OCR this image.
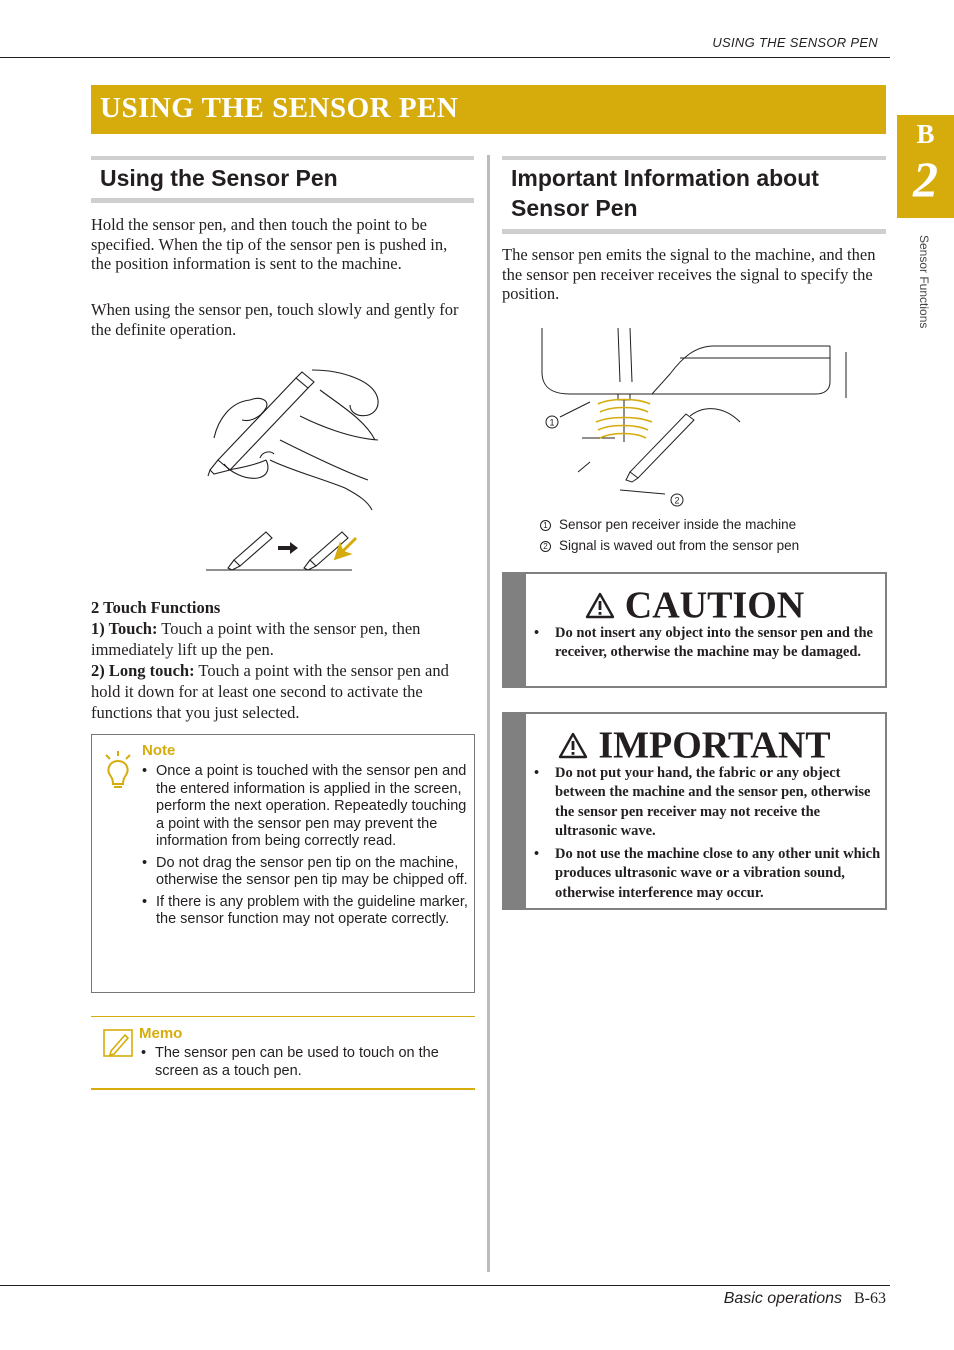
USING THE SENSOR PEN
USING THE SENSOR PEN
B
2
Sensor Functions
Using the Sensor Pen

Hold the sensor pen, and then touch the point to be specified. When the tip of the sensor pen is pushed in, the position information is sent to the machine.

When using the sensor pen, touch slowly and gently for the definite operation.

2 Touch Functions
1) Touch: Touch a point with the sensor pen, then immediately lift up the pen.
2) Long touch: Touch a point with the sensor pen and hold it down for at least one second to activate the functions that you just selected.
Note
• Once a point is touched with the sensor pen and the entered information is applied in the screen, perform the next operation. Repeatedly touching a point with the sensor pen may prevent the information from being correctly read.
• Do not drag the sensor pen tip on the machine, otherwise the sensor pen tip may be chipped off.
• If there is any problem with the guideline marker, the sensor function may not operate correctly.
Memo
• The sensor pen can be used to touch on the screen as a touch pen.
Important Information about
Sensor Pen

The sensor pen emits the signal to the machine, and then the sensor pen receiver receives the signal to specify the position.

1
2
1 Sensor pen receiver inside the machine
2 Signal is waved out from the sensor pen
CAUTION
• Do not insert any object into the sensor pen and the receiver, otherwise the machine may be damaged.
IMPORTANT
• Do not put your hand, the fabric or any object between the machine and the sensor pen, otherwise the sensor pen receiver may not receive the ultrasonic wave.
• Do not use the machine close to any other unit which produces ultrasonic wave or a vibration sound, otherwise interference may occur.
Basic operations B-63
